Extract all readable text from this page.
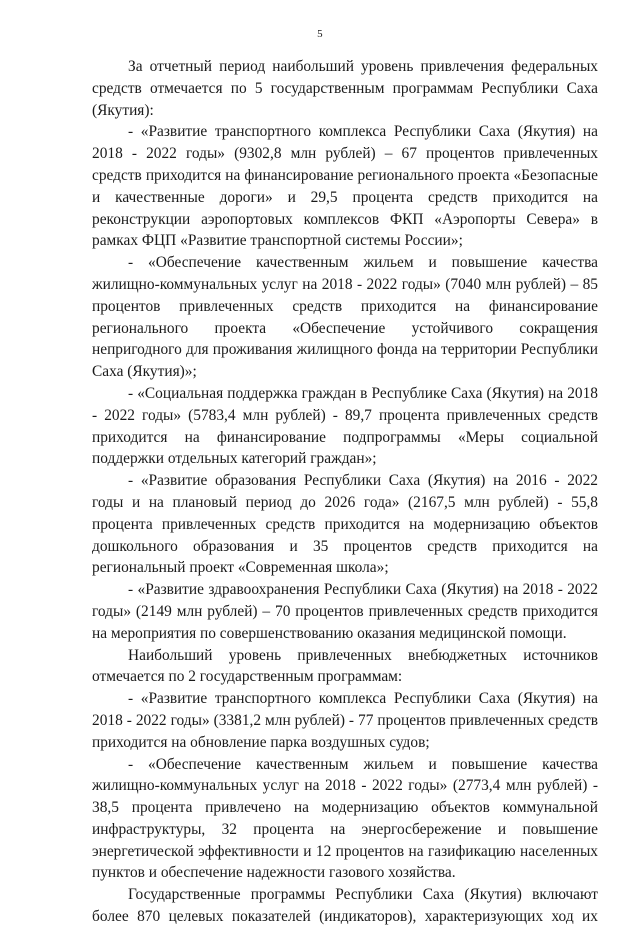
5

За отчетный период наибольший уровень привлечения федеральных средств отмечается по 5 государственным программам Республики Саха (Якутия):

- «Развитие транспортного комплекса Республики Саха (Якутия) на 2018 - 2022 годы» (9302,8 млн рублей) – 67 процентов привлеченных средств приходится на финансирование регионального проекта «Безопасные и качественные дороги» и 29,5 процента средств приходится на реконструкции аэропортовых комплексов ФКП «Аэропорты Севера» в рамках ФЦП «Развитие транспортной системы России»;

- «Обеспечение качественным жильем и повышение качества жилищно-коммунальных услуг на 2018 - 2022 годы» (7040 млн рублей) – 85 процентов привлеченных средств приходится на финансирование регионального проекта «Обеспечение устойчивого сокращения непригодного для проживания жилищного фонда на территории Республики Саха (Якутия)»;

- «Социальная поддержка граждан в Республике Саха (Якутия) на 2018 - 2022 годы» (5783,4 млн рублей) - 89,7 процента привлеченных средств приходится на финансирование подпрограммы «Меры социальной поддержки отдельных категорий граждан»;

- «Развитие образования Республики Саха (Якутия) на 2016 - 2022 годы и на плановый период до 2026 года» (2167,5 млн рублей) - 55,8 процента привлеченных средств приходится на модернизацию объектов дошкольного образования и 35 процентов средств приходится на региональный проект «Современная школа»;

- «Развитие здравоохранения Республики Саха (Якутия) на 2018 - 2022 годы» (2149 млн рублей) – 70 процентов привлеченных средств приходится на мероприятия по совершенствованию оказания медицинской помощи.

Наибольший уровень привлеченных внебюджетных источников отмечается по 2 государственным программам:

- «Развитие транспортного комплекса Республики Саха (Якутия) на 2018 - 2022 годы» (3381,2 млн рублей) - 77 процентов привлеченных средств приходится на обновление парка воздушных судов;

- «Обеспечение качественным жильем и повышение качества жилищно-коммунальных услуг на 2018 - 2022 годы» (2773,4 млн рублей) - 38,5 процента привлечено на модернизацию объектов коммунальной инфраструктуры, 32 процента на энергосбережение и повышение энергетической эффективности и 12 процентов на газификацию населенных пунктов и обеспечение надежности газового хозяйства.

Государственные программы Республики Саха (Якутия) включают более 870 целевых показателей (индикаторов), характеризующих ход их
